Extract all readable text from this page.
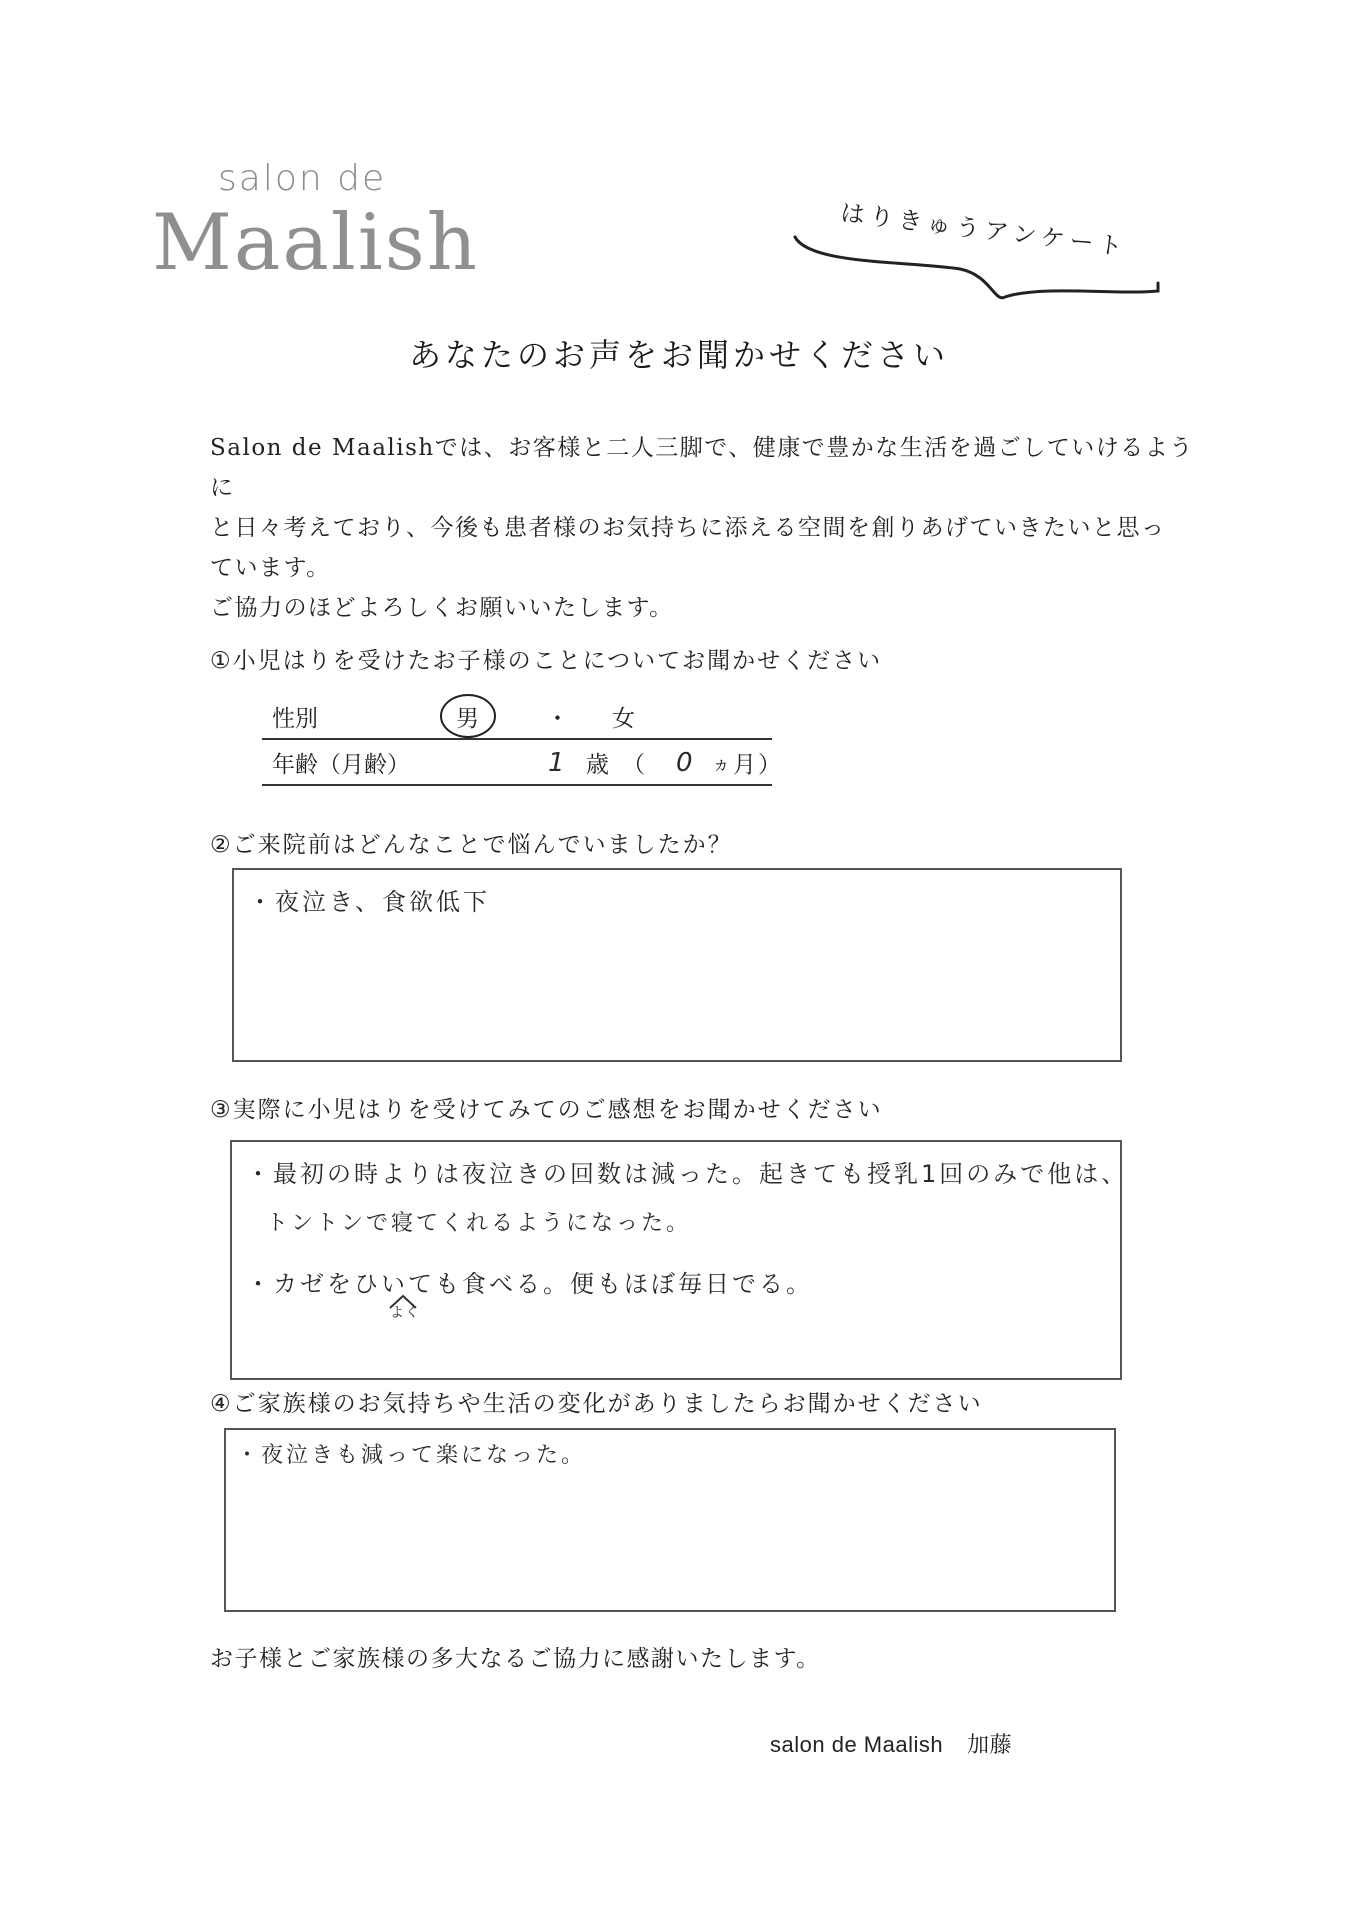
salon de
Maalish	はりきゅうアンケート
あなたのお声をお聞かせください

Salon de Maalishでは、お客様と二人三脚で、健康で豊かな生活を過ごしていけるように

と日々考えており、今後も患者様のお気持ちに添える空間を創りあげていきたいと思っ

ています。

ご協力のほどよろしくお願いいたします。

①小児はりを受けたお子様のことについてお聞かせください
性別	男	・ 女
年齢（月齢）	1 歳 （ 0 ヵ 月 ）
②ご来院前はどんなことで悩んでいましたか？
・夜泣き、食欲低下
③実際に小児はりを受けてみてのご感想をお聞かせください
・最初の時よりは夜泣きの回数は減った。起きても授乳1回のみで他は、
トントンで寝てくれるようになった。
・カゼをひいても食べる。便もほぼ毎日でる。
よく
④ご家族様のお気持ちや生活の変化がありましたらお聞かせください
・夜泣きも減って楽になった。
お子様とご家族様の多大なるご協力に感謝いたします。
salon de Maalish 加藤
